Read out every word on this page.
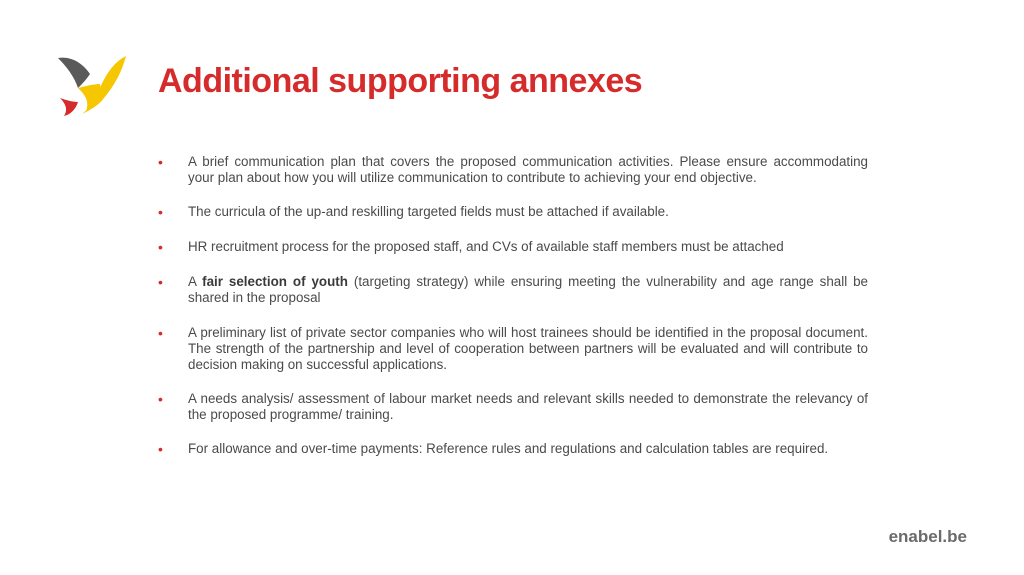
Additional supporting annexes
• A brief communication plan that covers the proposed communication activities. Please ensure accommodating your plan about how you will utilize communication to contribute to achieving your end objective.
• The curricula of the up-and reskilling targeted fields must be attached if available.
• HR recruitment process for the proposed staff, and CVs of available staff members must be attached
• A fair selection of youth (targeting strategy) while ensuring meeting the vulnerability and age range shall be shared in the proposal
• A preliminary list of private sector companies who will host trainees should be identified in the proposal document. The strength of the partnership and level of cooperation between partners will be evaluated and will contribute to decision making on successful applications.
• A needs analysis/ assessment of labour market needs and relevant skills needed to demonstrate the relevancy of the proposed programme/ training.
• For allowance and over-time payments: Reference rules and regulations and calculation tables are required.
enabel.be
